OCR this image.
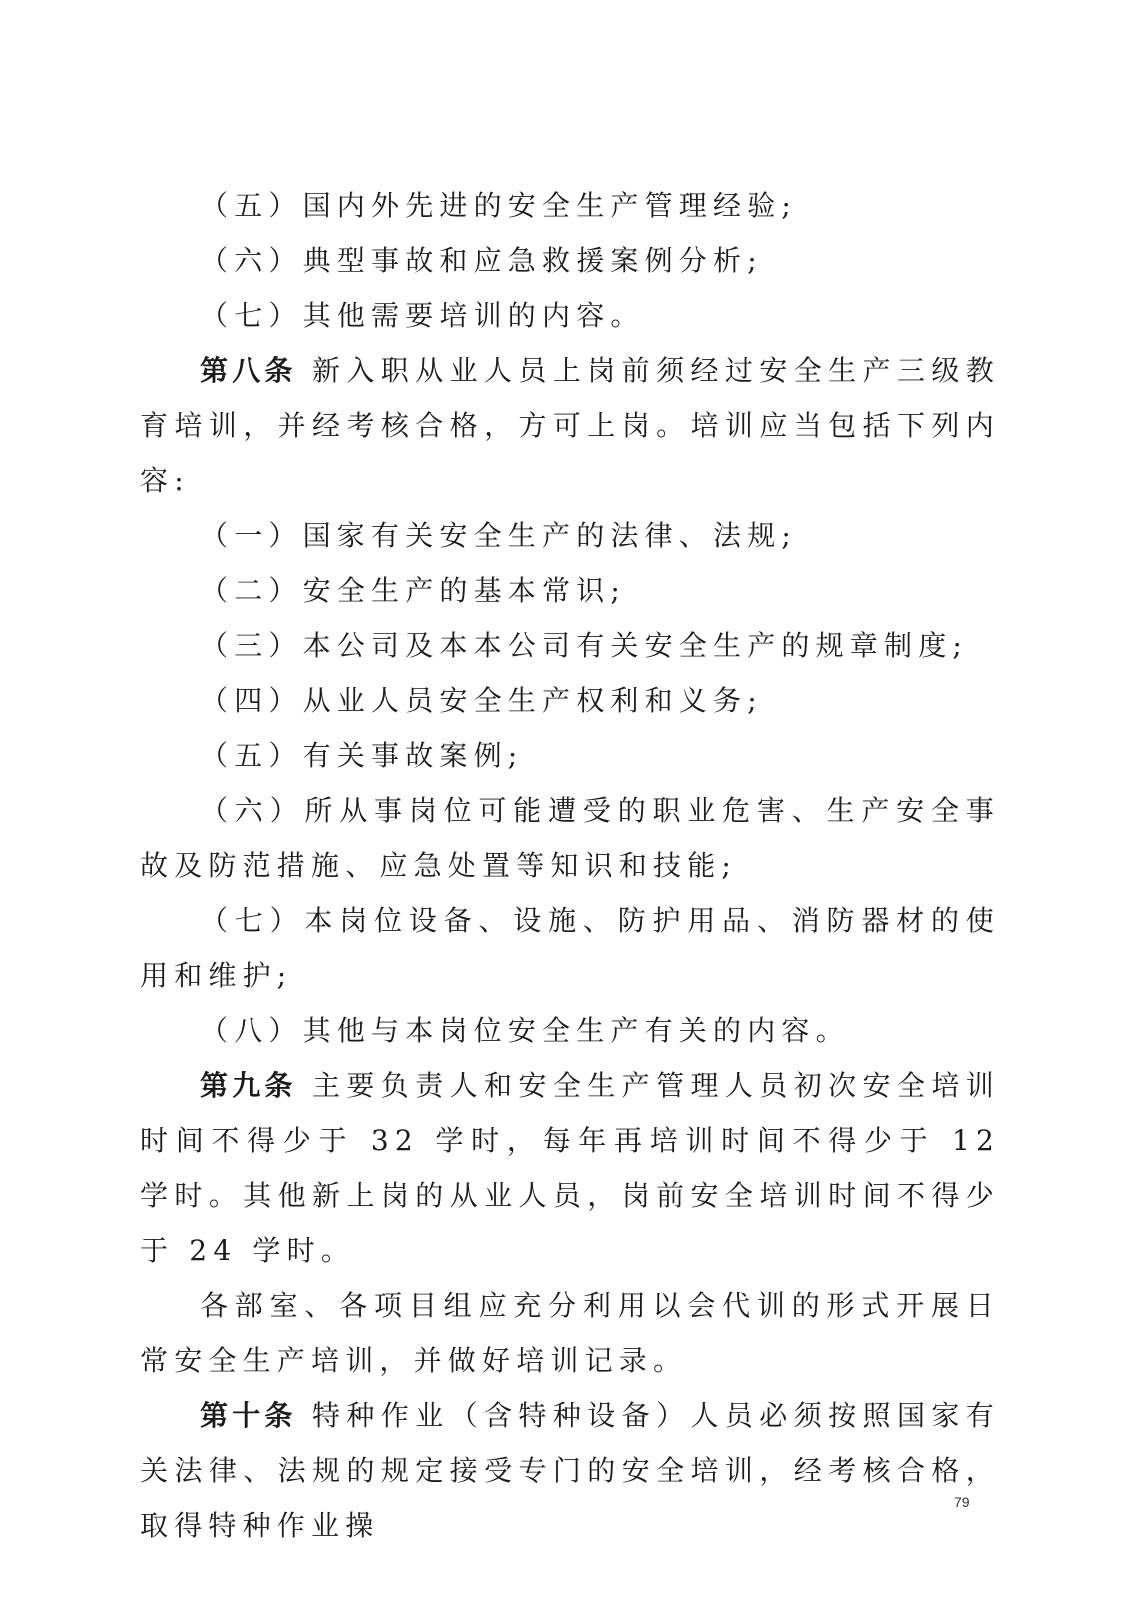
（五）国内外先进的安全生产管理经验;

（六）典型事故和应急救援案例分析;

（七）其他需要培训的内容。

第八条 新入职从业人员上岗前须经过安全生产三级教育培训，并经考核合格，方可上岗。培训应当包括下列内容:

（一）国家有关安全生产的法律、法规;

（二）安全生产的基本常识;

（三）本公司及本本公司有关安全生产的规章制度;

（四）从业人员安全生产权利和义务;

（五）有关事故案例;

（六）所从事岗位可能遭受的职业危害、生产安全事故及防范措施、应急处置等知识和技能;

（七）本岗位设备、设施、防护用品、消防器材的使用和维护;

（八）其他与本岗位安全生产有关的内容。

第九条 主要负责人和安全生产管理人员初次安全培训时间不得少于 32 学时，每年再培训时间不得少于 12 学时。其他新上岗的从业人员，岗前安全培训时间不得少于 24 学时。

各部室、各项目组应充分利用以会代训的形式开展日常安全生产培训，并做好培训记录。

第十条 特种作业（含特种设备）人员必须按照国家有关法律、法规的规定接受专门的安全培训，经考核合格，取得特种作业操

79
